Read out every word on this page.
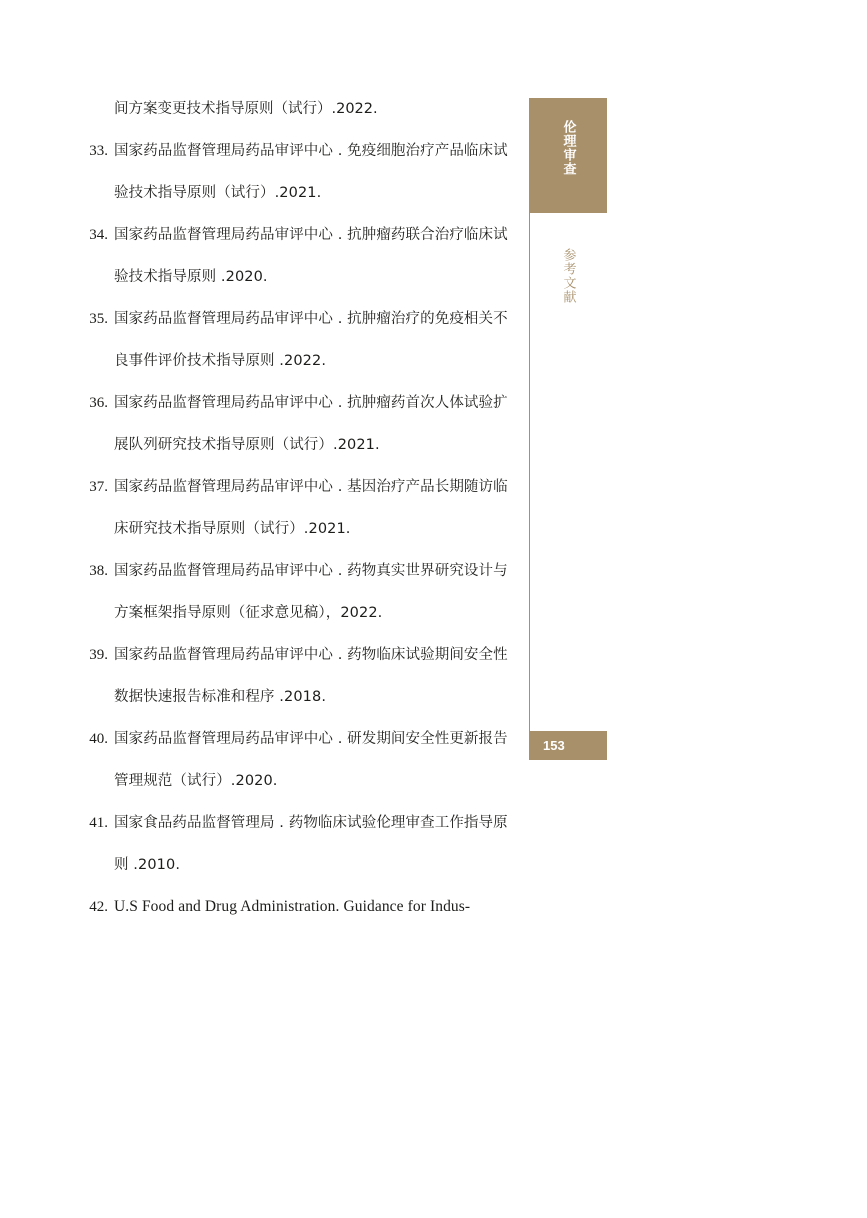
间方案变更技术指导原则（试行）.2022.
33. 国家药品监督管理局药品审评中心 . 免疫细胞治疗产品临床试验技术指导原则（试行）.2021.
34. 国家药品监督管理局药品审评中心 . 抗肿瘤药联合治疗临床试验技术指导原则 .2020.
35. 国家药品监督管理局药品审评中心 . 抗肿瘤治疗的免疫相关不良事件评价技术指导原则 .2022.
36. 国家药品监督管理局药品审评中心 . 抗肿瘤药首次人体试验扩展队列研究技术指导原则（试行）.2021.
37. 国家药品监督管理局药品审评中心 . 基因治疗产品长期随访临床研究技术指导原则（试行）.2021.
38. 国家药品监督管理局药品审评中心 . 药物真实世界研究设计与方案框架指导原则（征求意见稿），2022.
39. 国家药品监督管理局药品审评中心 . 药物临床试验期间安全性数据快速报告标准和程序 .2018.
40. 国家药品监督管理局药品审评中心 . 研发期间安全性更新报告管理规范（试行）.2020.
41. 国家食品药品监督管理局 . 药物临床试验伦理审查工作指导原则 .2010.
42. U.S Food and Drug Administration. Guidance for Indus-
伦理审查
参考文献
153
